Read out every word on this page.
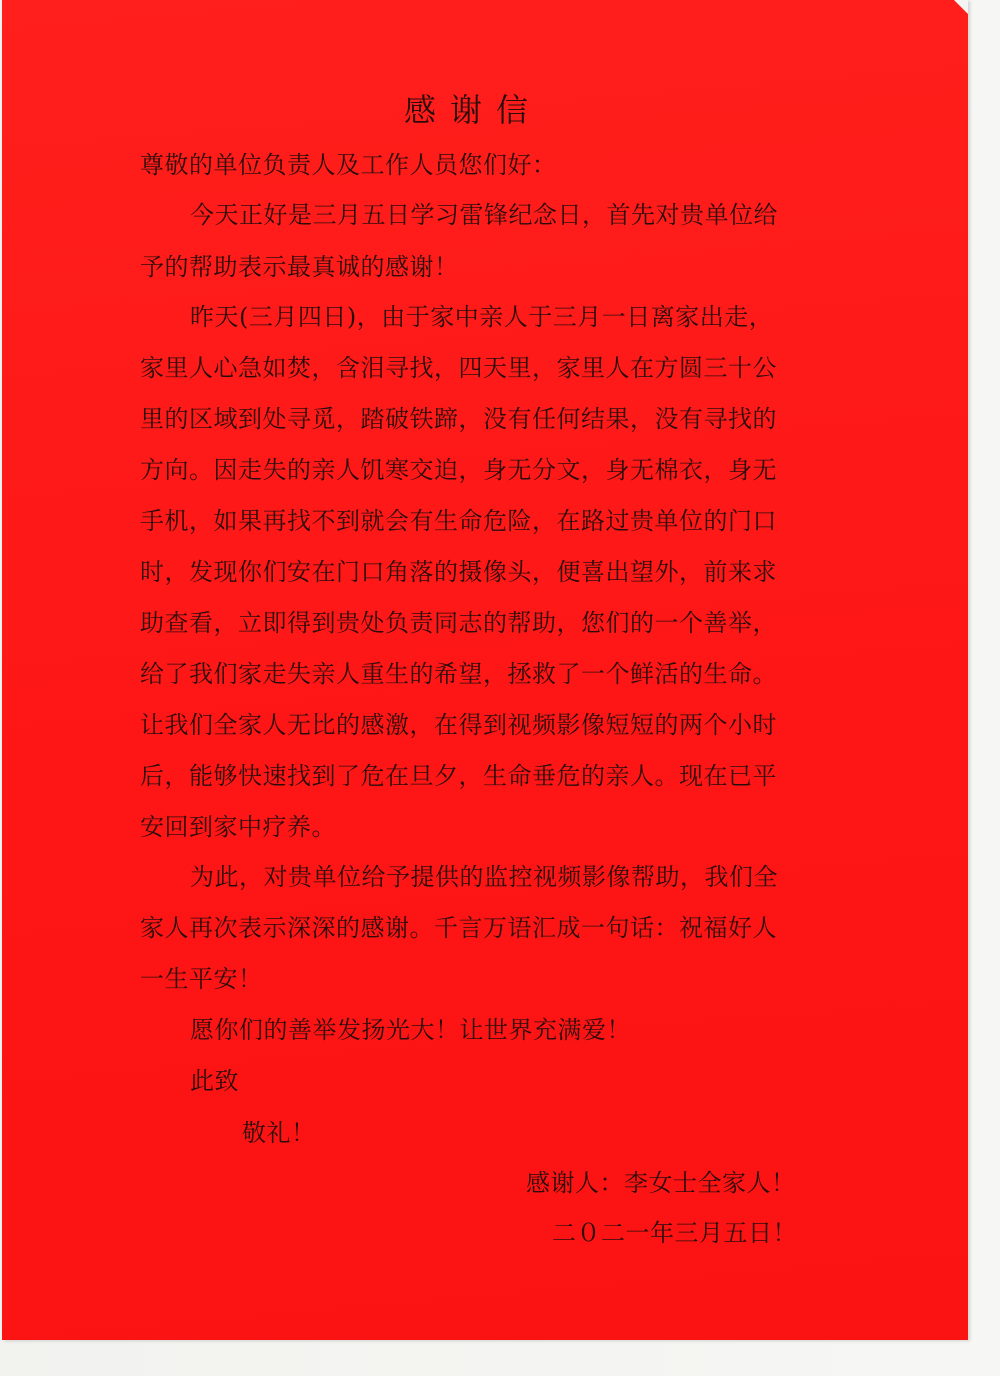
感谢信
尊敬的单位负责人及工作人员您们好：
今天正好是三月五日学习雷锋纪念日，首先对贵单位给
予的帮助表示最真诚的感谢！
昨天(三月四日)，由于家中亲人于三月一日离家出走，
家里人心急如焚，含泪寻找，四天里，家里人在方圆三十公
里的区域到处寻觅，踏破铁蹄，没有任何结果，没有寻找的
方向。因走失的亲人饥寒交迫，身无分文，身无棉衣，身无
手机，如果再找不到就会有生命危险，在路过贵单位的门口
时，发现你们安在门口角落的摄像头，便喜出望外，前来求
助查看，立即得到贵处负责同志的帮助，您们的一个善举，
给了我们家走失亲人重生的希望，拯救了一个鲜活的生命。
让我们全家人无比的感激，在得到视频影像短短的两个小时
后，能够快速找到了危在旦夕，生命垂危的亲人。现在已平
安回到家中疗养。
为此，对贵单位给予提供的监控视频影像帮助，我们全
家人再次表示深深的感谢。千言万语汇成一句话：祝福好人
一生平安！
愿你们的善举发扬光大！让世界充满爱！
此致
敬礼！
感谢人：李女士全家人！
二０二一年三月五日！
